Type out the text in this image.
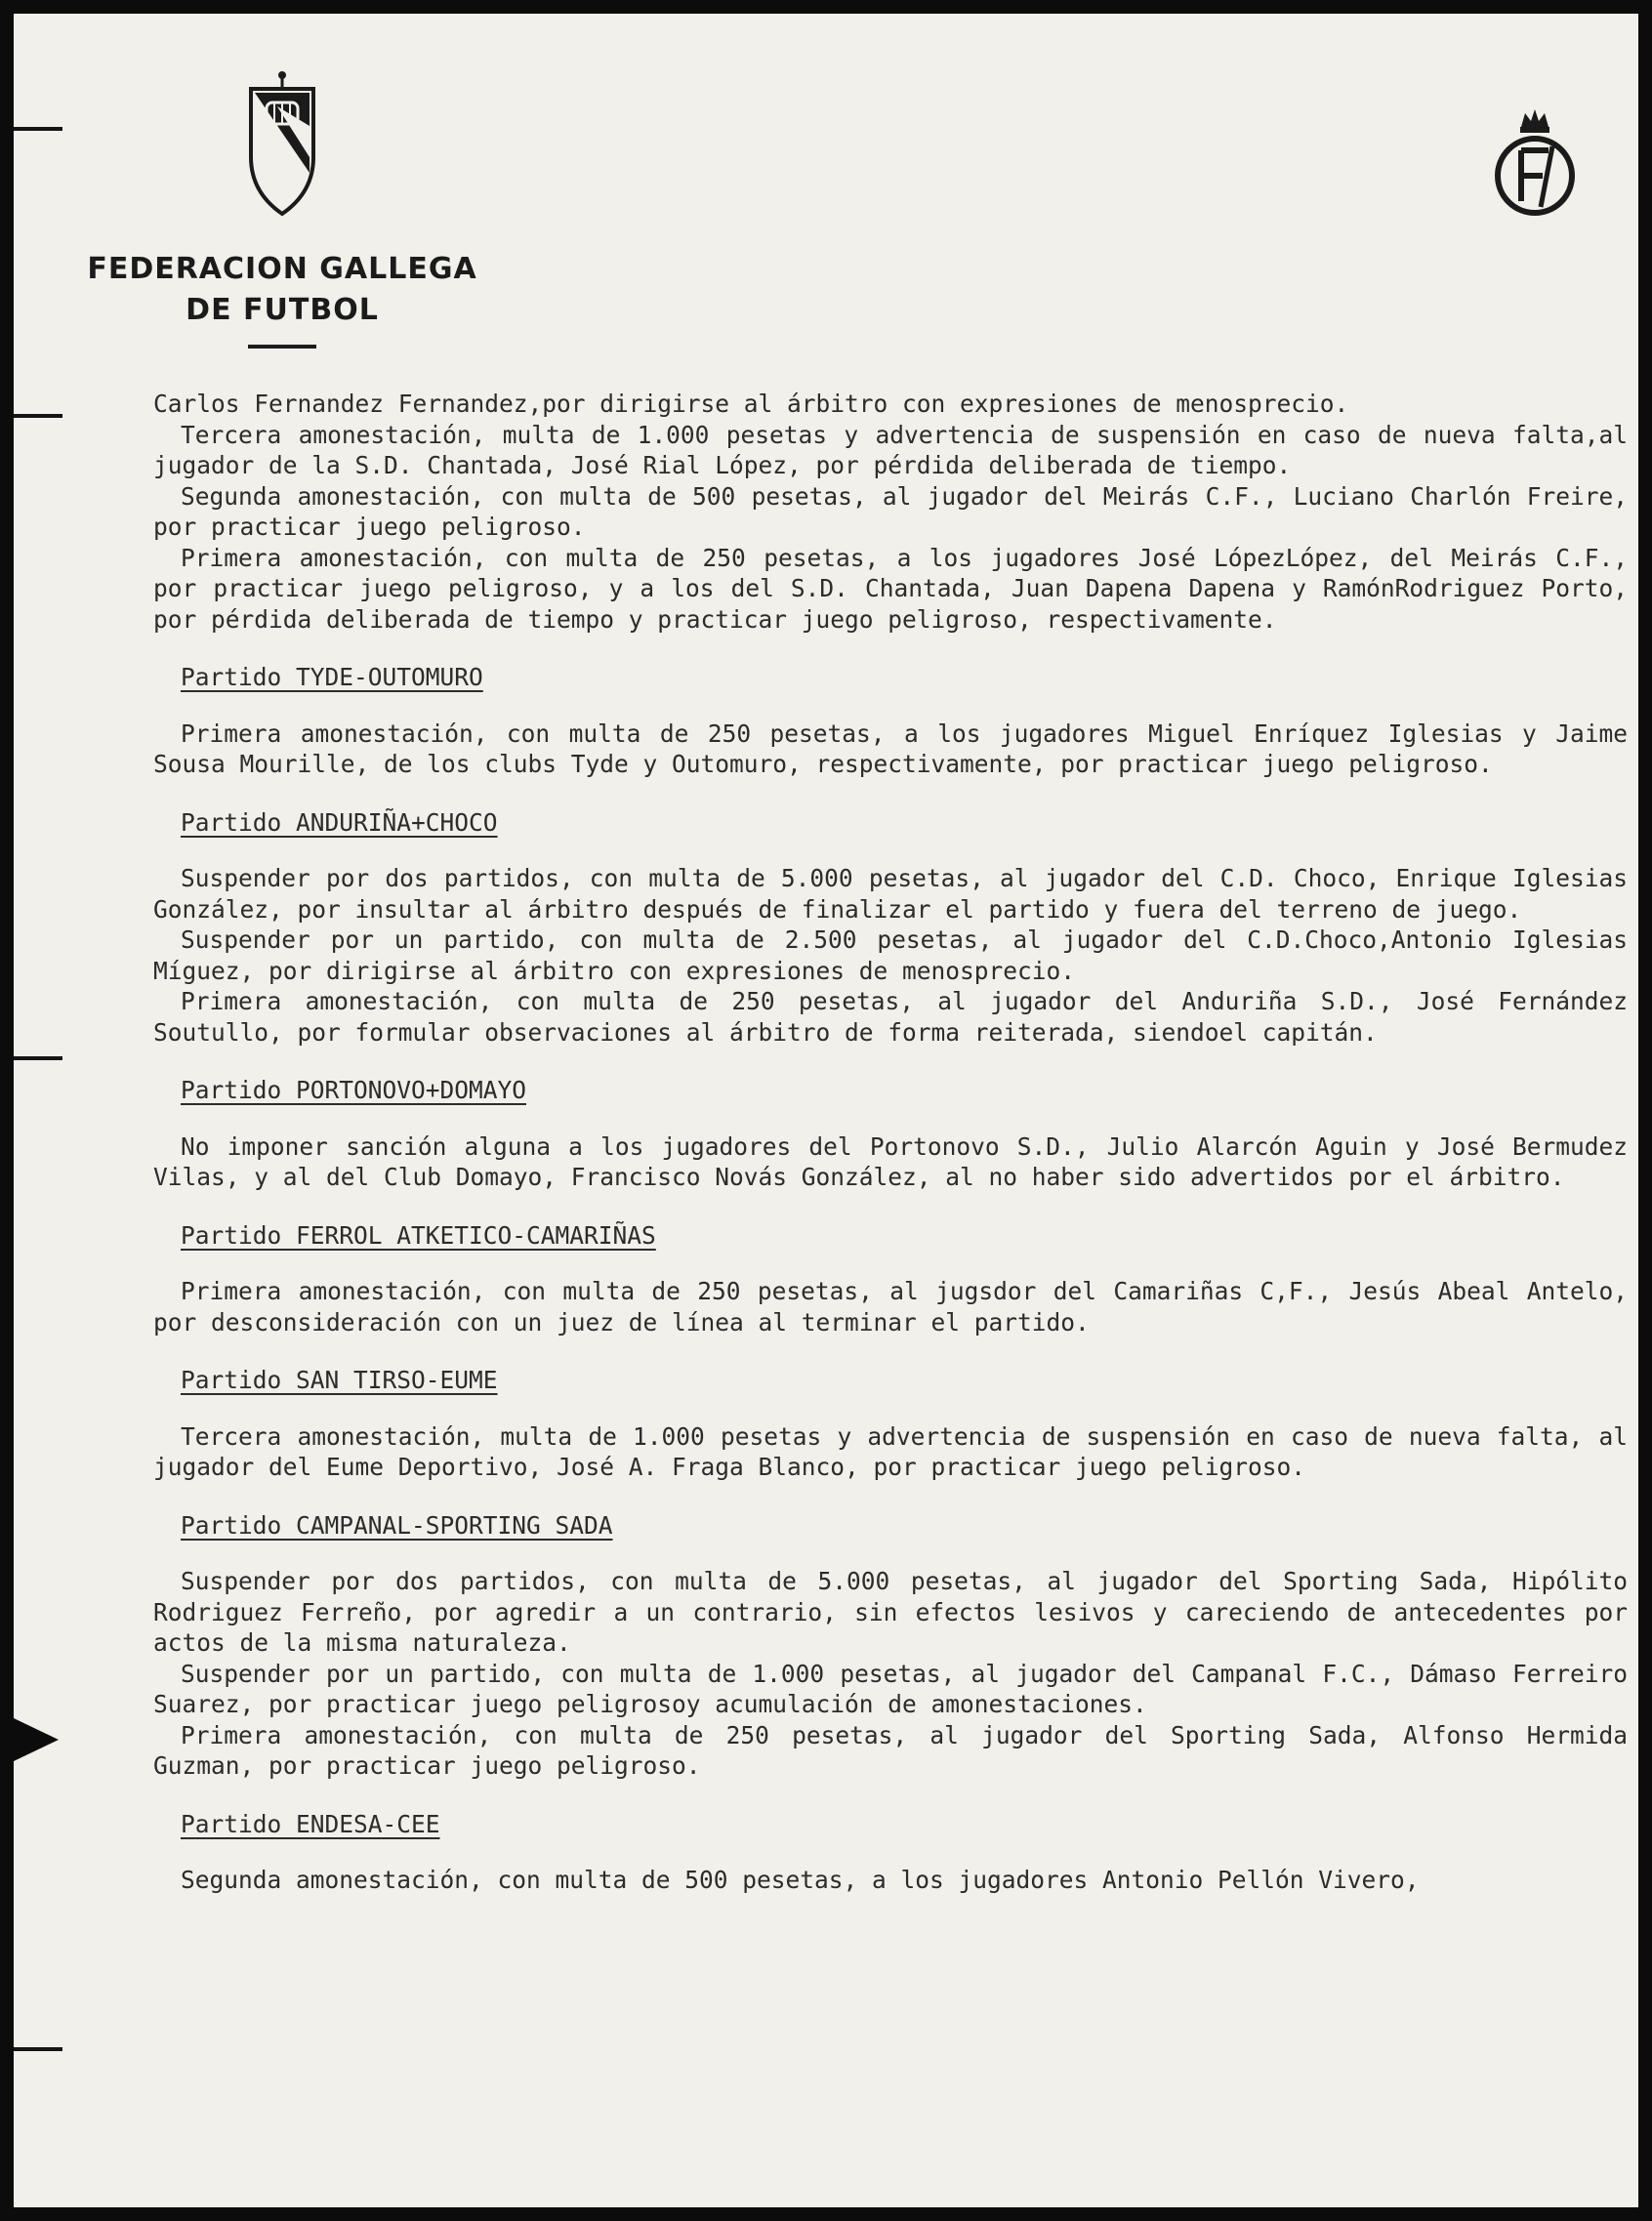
FEDERACION GALLEGA
DE FUTBOL

Carlos Fernandez Fernandez,por dirigirse al árbitro con expresiones de menosprecio.

Tercera amonestación, multa de 1.000 pesetas y advertencia de suspensión en caso de nueva falta,al jugador de la S.D. Chantada, José Rial López, por pérdida deliberada de tiempo.

Segunda amonestación, con multa de 500 pesetas, al jugador del Meirás C.F., Luciano Charlón Freire, por practicar juego peligroso.

Primera amonestación, con multa de 250 pesetas, a los jugadores José LópezLópez, del Meirás C.F., por practicar juego peligroso, y a los del S.D. Chantada, Juan Dapena Dapena y RamónRodriguez Porto, por pérdida deliberada de tiempo y practicar juego peligroso, respectivamente.

Partido TYDE-OUTOMURO

Primera amonestación, con multa de 250 pesetas, a los jugadores Miguel Enríquez Iglesias y Jaime Sousa Mourille, de los clubs Tyde y Outomuro, respectivamente, por practicar juego peligroso.

Partido ANDURIÑA+CHOCO

Suspender por dos partidos, con multa de 5.000 pesetas, al jugador del C.D. Choco, Enrique Iglesias González, por insultar al árbitro después de finalizar el partido y fuera del terreno de juego.

Suspender por un partido, con multa de 2.500 pesetas, al jugador del C.D.Choco,Antonio Iglesias Míguez, por dirigirse al árbitro con expresiones de menosprecio.

Primera amonestación, con multa de 250 pesetas, al jugador del Anduriña S.D., José Fernández Soutullo, por formular observaciones al árbitro de forma reiterada, siendoel capitán.

Partido PORTONOVO+DOMAYO

No imponer sanción alguna a los jugadores del Portonovo S.D., Julio Alarcón Aguin y José Bermudez Vilas, y al del Club Domayo, Francisco Novás González, al no haber sido advertidos por el árbitro.

Partido FERROL ATKETICO-CAMARIÑAS

Primera amonestación, con multa de 250 pesetas, al jugsdor del Camariñas C,F., Jesús Abeal Antelo, por desconsideración con un juez de línea al terminar el partido.

Partido SAN TIRSO-EUME

Tercera amonestación, multa de 1.000 pesetas y advertencia de suspensión en caso de nueva falta, al jugador del Eume Deportivo, José A. Fraga Blanco, por practicar juego peligroso.

Partido CAMPANAL-SPORTING SADA

Suspender por dos partidos, con multa de 5.000 pesetas, al jugador del Sporting Sada, Hipólito Rodriguez Ferreño, por agredir a un contrario, sin efectos lesivos y careciendo de antecedentes por actos de la misma naturaleza.

Suspender por un partido, con multa de 1.000 pesetas, al jugador del Campanal F.C., Dámaso Ferreiro Suarez, por practicar juego peligrosoy acumulación de amonestaciones.

Primera amonestación, con multa de 250 pesetas, al jugador del Sporting Sada, Alfonso Hermida Guzman, por practicar juego peligroso.

Partido ENDESA-CEE

Segunda amonestación, con multa de 500 pesetas, a los jugadores Antonio Pellón Vivero,
